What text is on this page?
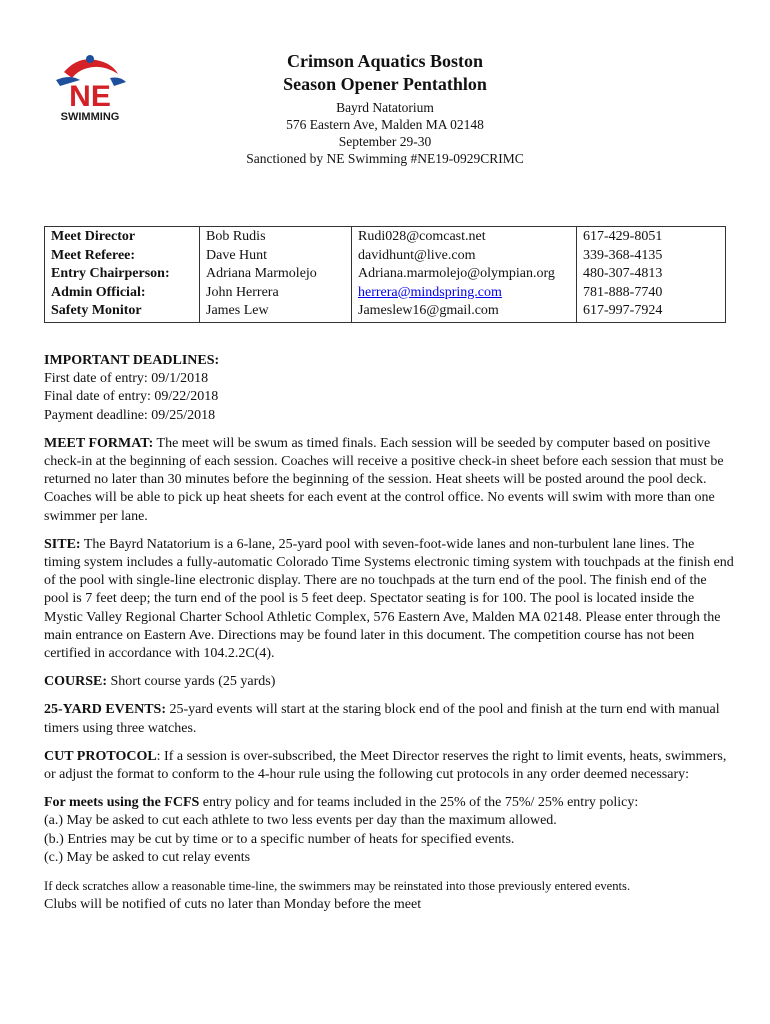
NE
SWIMMING
Crimson Aquatics Boston
Season Opener Pentathlon
Bayrd Natatorium
576 Eastern Ave, Malden MA 02148
September 29-30
Sanctioned by NE Swimming #NE19-0929CRIMC
Meet Director	Bob Rudis	Rudi028@comcast.net	617-429-8051
Meet Referee:	Dave Hunt	davidhunt@live.com	339-368-4135
Entry Chairperson:	Adriana Marmolejo	Adriana.marmolejo@olympian.org	480-307-4813
Admin Official:	John Herrera	herrera@mindspring.com	781-888-7740
Safety Monitor	James Lew	Jameslew16@gmail.com	617-997-7924

IMPORTANT DEADLINES:
First date of entry: 09/1/2018
Final date of entry: 09/22/2018
Payment deadline: 09/25/2018

MEET FORMAT: The meet will be swum as timed finals. Each session will be seeded by computer based on positive check-in at the beginning of each session. Coaches will receive a positive check-in sheet before each session that must be returned no later than 30 minutes before the beginning of the session. Heat sheets will be posted around the pool deck. Coaches will be able to pick up heat sheets for each event at the control office. No events will swim with more than one swimmer per lane.

SITE: The Bayrd Natatorium is a 6-lane, 25-yard pool with seven-foot-wide lanes and non-turbulent lane lines. The timing system includes a fully-automatic Colorado Time Systems electronic timing system with touchpads at the finish end of the pool with single-line electronic display. There are no touchpads at the turn end of the pool. The finish end of the pool is 7 feet deep; the turn end of the pool is 5 feet deep. Spectator seating is for 100. The pool is located inside the Mystic Valley Regional Charter School Athletic Complex, 576 Eastern Ave, Malden MA 02148. Please enter through the main entrance on Eastern Ave. Directions may be found later in this document. The competition course has not been certified in accordance with 104.2.2C(4).

COURSE: Short course yards (25 yards)

25-YARD EVENTS: 25-yard events will start at the staring block end of the pool and finish at the turn end with manual timers using three watches.

CUT PROTOCOL: If a session is over-subscribed, the Meet Director reserves the right to limit events, heats, swimmers, or adjust the format to conform to the 4-hour rule using the following cut protocols in any order deemed necessary:

For meets using the FCFS entry policy and for teams included in the 25% of the 75%/ 25% entry policy:
(a.) May be asked to cut each athlete to two less events per day than the maximum allowed.
(b.) Entries may be cut by time or to a specific number of heats for specified events.
(c.) May be asked to cut relay events

If deck scratches allow a reasonable time-line, the swimmers may be reinstated into those previously entered events.
Clubs will be notified of cuts no later than Monday before the meet
